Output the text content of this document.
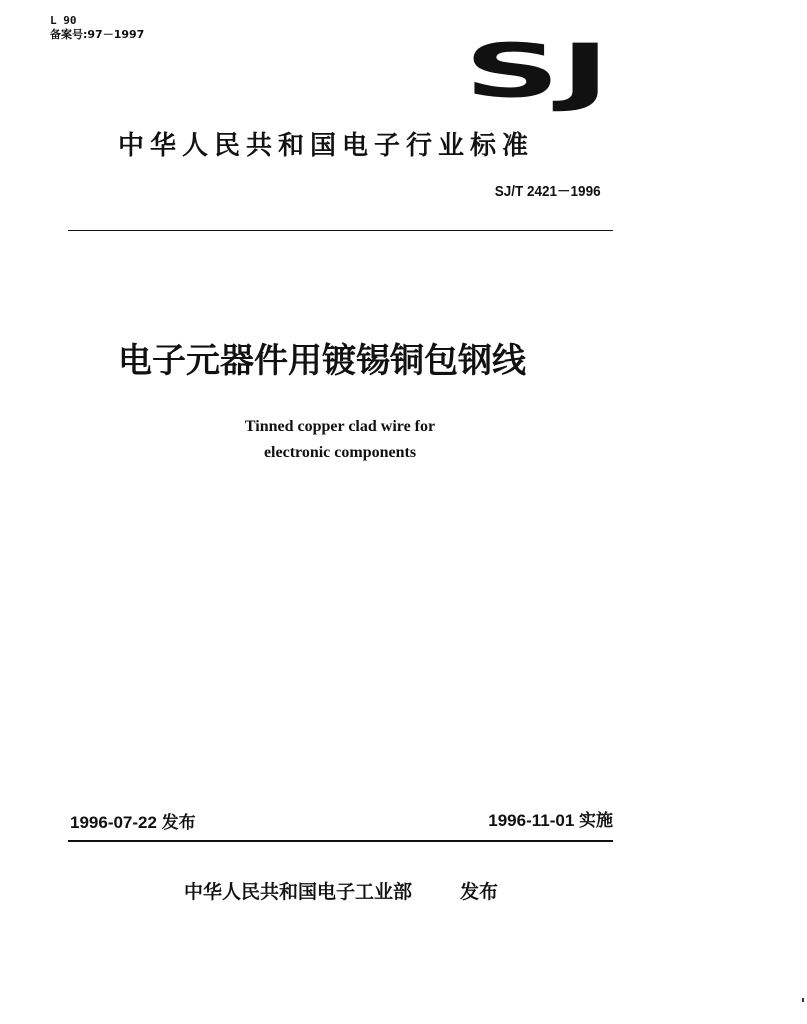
L 90
备案号:97－1997	SJ
中华人民共和国电子行业标准
SJ/T 2421－1996
电子元器件用镀锡铜包钢线
Tinned copper clad wire for
electronic components
1996-07-22 发布	1996-11-01 实施
中华人民共和国电子工业部	发布
